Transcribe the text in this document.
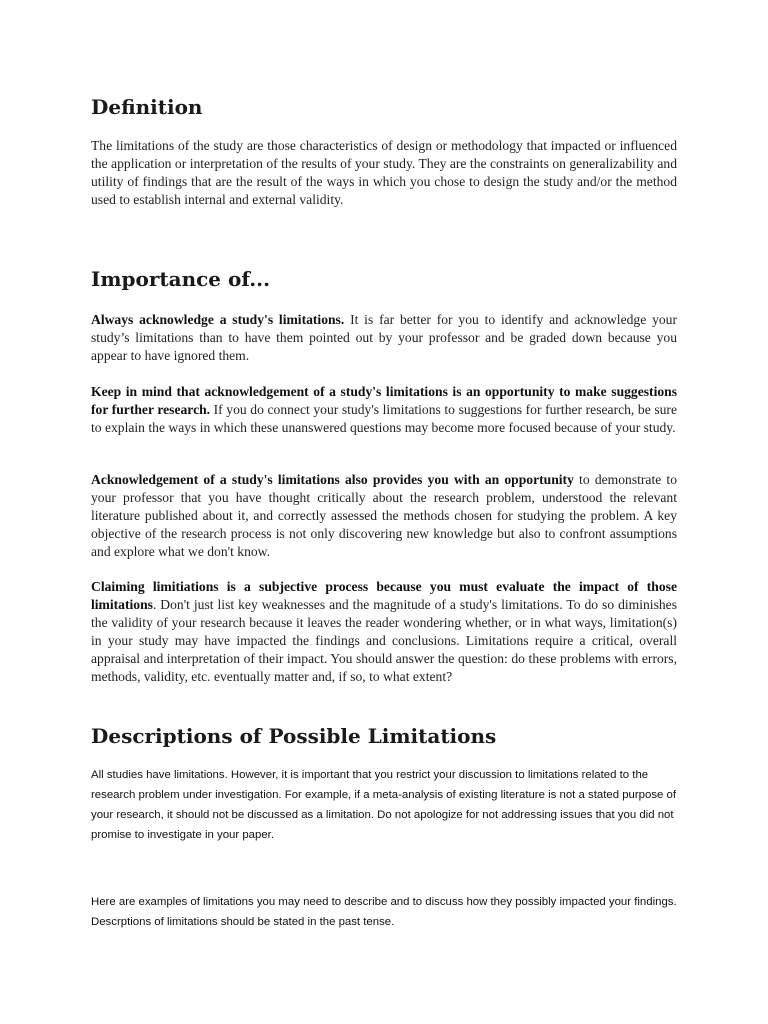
Definition

The limitations of the study are those characteristics of design or methodology that impacted or influenced the application or interpretation of the results of your study. They are the constraints on generalizability and utility of findings that are the result of the ways in which you chose to design the study and/or the method used to establish internal and external validity.

Importance of...

Always acknowledge a study's limitations. It is far better for you to identify and acknowledge your study’s limitations than to have them pointed out by your professor and be graded down because you appear to have ignored them.

Keep in mind that acknowledgement of a study's limitations is an opportunity to make suggestions for further research. If you do connect your study's limitations to suggestions for further research, be sure to explain the ways in which these unanswered questions may become more focused because of your study.

Acknowledgement of a study's limitations also provides you with an opportunity to demonstrate to your professor that you have thought critically about the research problem, understood the relevant literature published about it, and correctly assessed the methods chosen for studying the problem. A key objective of the research process is not only discovering new knowledge but also to confront assumptions and explore what we don't know.

Claiming limitiations is a subjective process because you must evaluate the impact of those limitations. Don't just list key weaknesses and the magnitude of a study's limitations. To do so diminishes the validity of your research because it leaves the reader wondering whether, or in what ways, limitation(s) in your study may have impacted the findings and conclusions. Limitations require a critical, overall appraisal and interpretation of their impact. You should answer the question: do these problems with errors, methods, validity, etc. eventually matter and, if so, to what extent?

Descriptions of Possible Limitations

All studies have limitations. However, it is important that you restrict your discussion to limitations related to the research problem under investigation. For example, if a meta-analysis of existing literature is not a stated purpose of your research, it should not be discussed as a limitation. Do not apologize for not addressing issues that you did not promise to investigate in your paper.

Here are examples of limitations you may need to describe and to discuss how they possibly impacted your findings. Descrptions of limitations should be stated in the past tense.
